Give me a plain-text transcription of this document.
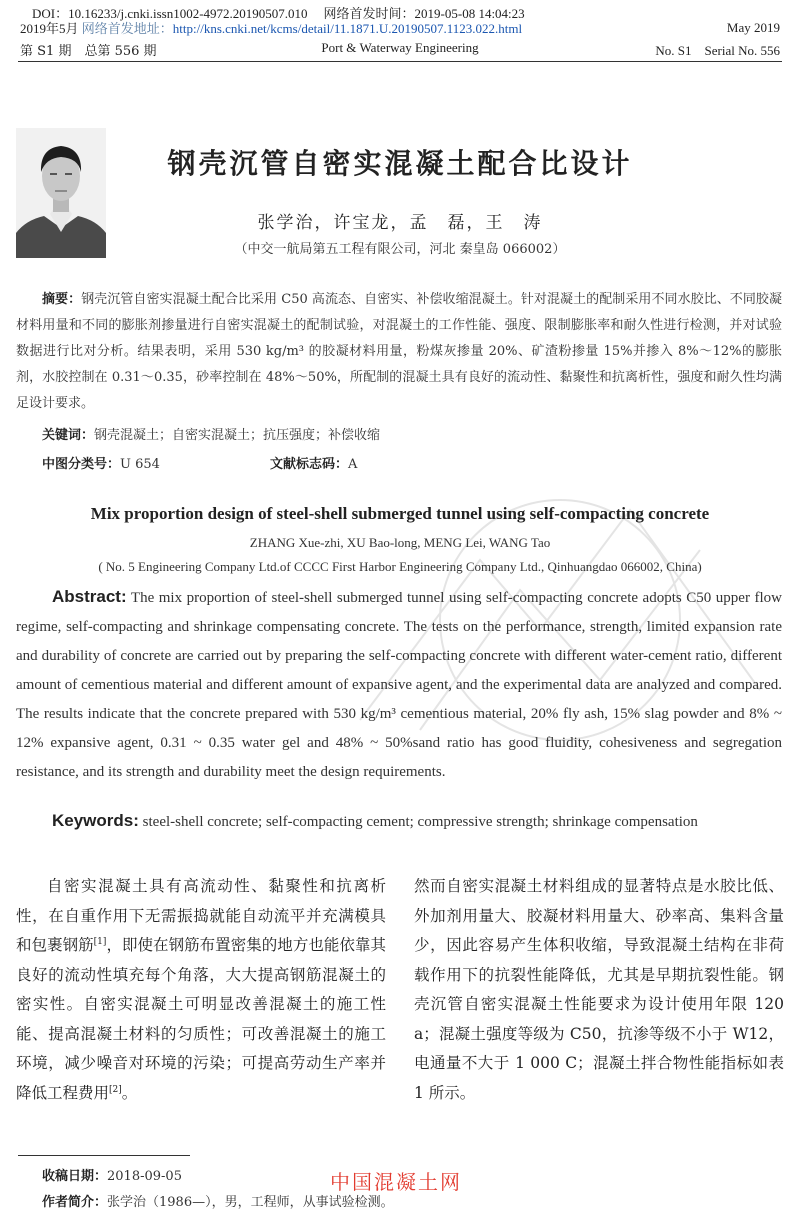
DOI：10.16233/j.cnki.issn1002-4972.20190507.010 网络首发时间：2019-05-08 14:04:23
2019年5月 网络首发地址：http://kns.cnki.net/kcms/detail/11.1871.U.20190507.1123.022.html	May 2019
第 S1 期　总第 556 期	Port & Waterway Engineering	No. S1　Serial No. 556
钢壳沉管自密实混凝土配合比设计
张学治，许宝龙，孟　磊，王　涛
（中交一航局第五工程有限公司，河北 秦皇岛 066002）

摘要：钢壳沉管自密实混凝土配合比采用 C50 高流态、自密实、补偿收缩混凝土。针对混凝土的配制采用不同水胶比、不同胶凝材料用量和不同的膨胀剂掺量进行自密实混凝土的配制试验，对混凝土的工作性能、强度、限制膨胀率和耐久性进行检测，并对试验数据进行比对分析。结果表明，采用 530 kg/m³ 的胶凝材料用量，粉煤灰掺量 20%、矿渣粉掺量 15%并掺入 8%～12%的膨胀剂，水胶控制在 0.31～0.35，砂率控制在 48%～50%，所配制的混凝土具有良好的流动性、黏聚性和抗离析性，强度和耐久性均满足设计要求。

关键词：钢壳混凝土；自密实混凝土；抗压强度；补偿收缩
中图分类号：U 654	文献标志码：A
Mix proportion design of steel-shell submerged tunnel using self-compacting concrete
ZHANG Xue-zhi, XU Bao-long, MENG Lei, WANG Tao
( No. 5 Engineering Company Ltd.of CCCC First Harbor Engineering Company Ltd., Qinhuangdao 066002, China)

Abstract: The mix proportion of steel-shell submerged tunnel using self-compacting concrete adopts C50 upper flow regime, self-compacting and shrinkage compensating concrete. The tests on the performance, strength, limited expansion rate and durability of concrete are carried out by preparing the self-compacting concrete with different water-cement ratio, different amount of cementious material and different amount of expansive agent, and the experimental data are analyzed and compared. The results indicate that the concrete prepared with 530 kg/m³ cementious material, 20% fly ash, 15% slag powder and 8% ~ 12% expansive agent, 0.31 ~ 0.35 water gel and 48% ~ 50%sand ratio has good fluidity, cohesiveness and segregation resistance, and its strength and durability meet the design requirements.

Keywords: steel-shell concrete; self-compacting cement; compressive strength; shrinkage compensation

自密实混凝土具有高流动性、黏聚性和抗离析性，在自重作用下无需振捣就能自动流平并充满模具和包裹钢筋[1]，即使在钢筋布置密集的地方也能依靠其良好的流动性填充每个角落，大大提高钢筋混凝土的密实性。自密实混凝土可明显改善混凝土的施工性能、提高混凝土材料的匀质性；可改善混凝土的施工环境，减少噪音对环境的污染；可提高劳动生产率并降低工程费用[2]。

然而自密实混凝土材料组成的显著特点是水胶比低、外加剂用量大、胶凝材料用量大、砂率高、集料含量少，因此容易产生体积收缩，导致混凝土结构在非荷载作用下的抗裂性能降低，尤其是早期抗裂性能。钢壳沉管自密实混凝土性能要求为设计使用年限 120 a；混凝土强度等级为 C50，抗渗等级不小于 W12，电通量不大于 1 000 C；混凝土拌合物性能指标如表 1 所示。

收稿日期：2018-09-05
作者简介：张学治（1986—），男，工程师，从事试验检测。
中国混凝土网
